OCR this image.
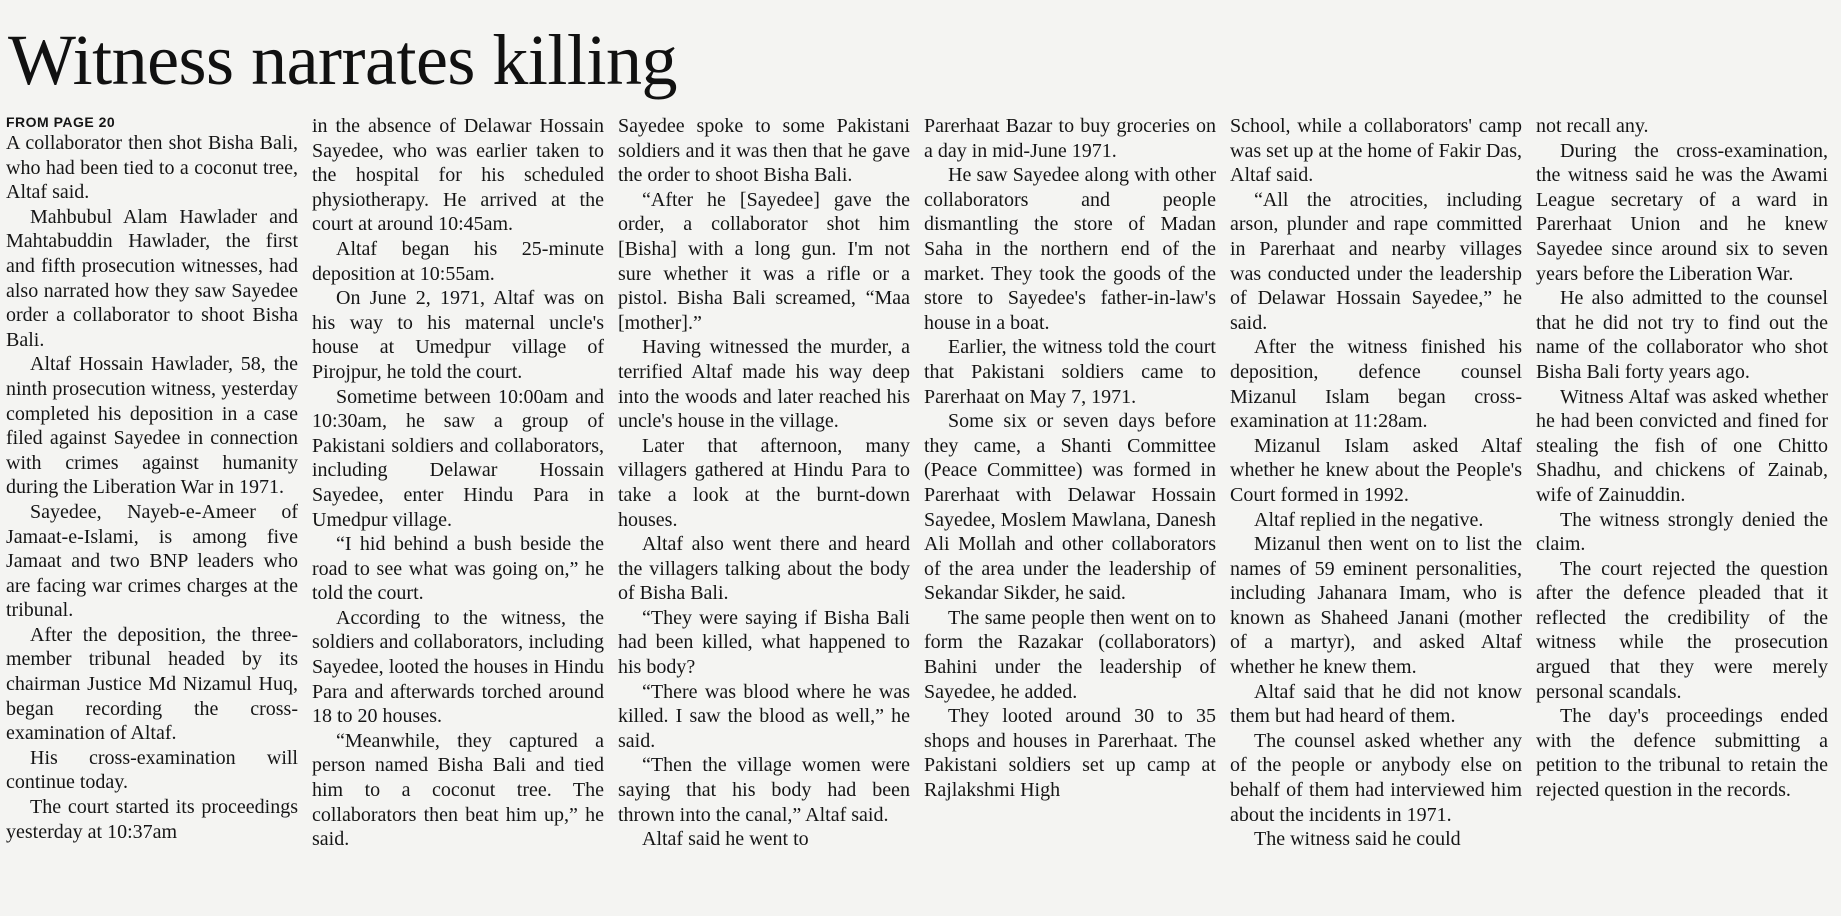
Witness narrates killing
FROM PAGE 20

A collaborator then shot Bisha Bali, who had been tied to a coconut tree, Altaf said.

Mahbubul Alam Hawlader and Mahtabuddin Hawlader, the first and fifth prosecution witnesses, had also narrated how they saw Sayedee order a collaborator to shoot Bisha Bali.

Altaf Hossain Hawlader, 58, the ninth prosecution witness, yesterday completed his deposition in a case filed against Sayedee in connection with crimes against humanity during the Liberation War in 1971.

Sayedee, Nayeb-e-Ameer of Jamaat-e-Islami, is among five Jamaat and two BNP leaders who are facing war crimes charges at the tribunal.

After the deposition, the three-member tribunal headed by its chairman Justice Md Nizamul Huq, began recording the cross-examination of Altaf.

His cross-examination will continue today.

The court started its proceedings yesterday at 10:37am

in the absence of Delawar Hossain Sayedee, who was earlier taken to the hospital for his scheduled physiotherapy. He arrived at the court at around 10:45am.

Altaf began his 25-minute deposition at 10:55am.

On June 2, 1971, Altaf was on his way to his maternal uncle's house at Umedpur village of Pirojpur, he told the court.

Sometime between 10:00am and 10:30am, he saw a group of Pakistani soldiers and collaborators, including Delawar Hossain Sayedee, enter Hindu Para in Umedpur village.

“I hid behind a bush beside the road to see what was going on,” he told the court.

According to the witness, the soldiers and collaborators, including Sayedee, looted the houses in Hindu Para and afterwards torched around 18 to 20 houses.

“Meanwhile, they captured a person named Bisha Bali and tied him to a coconut tree. The collaborators then beat him up,” he said.

Sayedee spoke to some Pakistani soldiers and it was then that he gave the order to shoot Bisha Bali.

“After he [Sayedee] gave the order, a collaborator shot him [Bisha] with a long gun. I'm not sure whether it was a rifle or a pistol. Bisha Bali screamed, “Maa [mother].”

Having witnessed the murder, a terrified Altaf made his way deep into the woods and later reached his uncle's house in the village.

Later that afternoon, many villagers gathered at Hindu Para to take a look at the burnt-down houses.

Altaf also went there and heard the villagers talking about the body of Bisha Bali.

“They were saying if Bisha Bali had been killed, what happened to his body?

“There was blood where he was killed. I saw the blood as well,” he said.

“Then the village women were saying that his body had been thrown into the canal,” Altaf said.

Altaf said he went to

Parerhaat Bazar to buy groceries on a day in mid-June 1971.

He saw Sayedee along with other collaborators and people dismantling the store of Madan Saha in the northern end of the market. They took the goods of the store to Sayedee's father-in-law's house in a boat.

Earlier, the witness told the court that Pakistani soldiers came to Parerhaat on May 7, 1971.

Some six or seven days before they came, a Shanti Committee (Peace Committee) was formed in Parerhaat with Delawar Hossain Sayedee, Moslem Mawlana, Danesh Ali Mollah and other collaborators of the area under the leadership of Sekandar Sikder, he said.

The same people then went on to form the Razakar (collaborators) Bahini under the leadership of Sayedee, he added.

They looted around 30 to 35 shops and houses in Parerhaat. The Pakistani soldiers set up camp at Rajlakshmi High

School, while a collaborators' camp was set up at the home of Fakir Das, Altaf said.

“All the atrocities, including arson, plunder and rape committed in Parerhaat and nearby villages was conducted under the leadership of Delawar Hossain Sayedee,” he said.

After the witness finished his deposition, defence counsel Mizanul Islam began cross-examination at 11:28am.

Mizanul Islam asked Altaf whether he knew about the People's Court formed in 1992.

Altaf replied in the negative.

Mizanul then went on to list the names of 59 eminent personalities, including Jahanara Imam, who is known as Shaheed Janani (mother of a martyr), and asked Altaf whether he knew them.

Altaf said that he did not know them but had heard of them.

The counsel asked whether any of the people or anybody else on behalf of them had interviewed him about the incidents in 1971.

The witness said he could

not recall any.

During the cross-examination, the witness said he was the Awami League secretary of a ward in Parerhaat Union and he knew Sayedee since around six to seven years before the Liberation War.

He also admitted to the counsel that he did not try to find out the name of the collaborator who shot Bisha Bali forty years ago.

Witness Altaf was asked whether he had been convicted and fined for stealing the fish of one Chitto Shadhu, and chickens of Zainab, wife of Zainuddin.

The witness strongly denied the claim.

The court rejected the question after the defence pleaded that it reflected the credibility of the witness while the prosecution argued that they were merely personal scandals.

The day's proceedings ended with the defence submitting a petition to the tribunal to retain the rejected question in the records.
